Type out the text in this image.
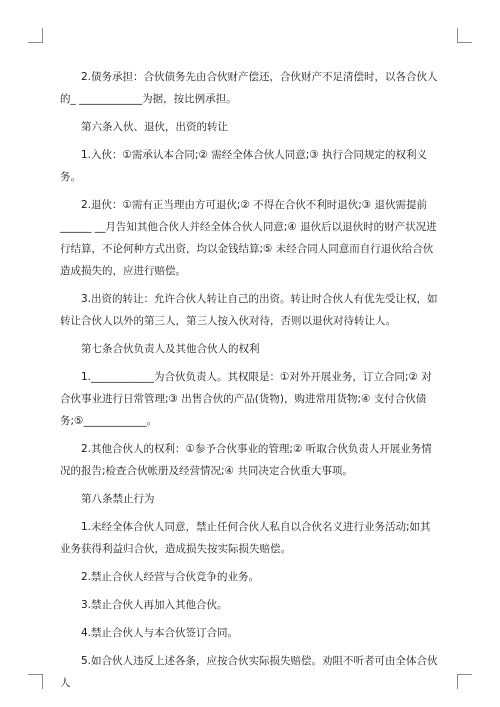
2.债务承担：合伙债务先由合伙财产偿还，合伙财产不足清偿时，以各合伙人的_ ____________为据，按比例承担。

第六条入伙、退伙，出资的转让

1.入伙：①需承认本合同;② 需经全体合伙人同意;③ 执行合同规定的权利义务。

2.退伙：①需有正当理由方可退伙;② 不得在合伙不利时退伙;③ 退伙需提前______ __月告知其他合伙人并经全体合伙人同意;④ 退伙后以退伙时的财产状况进行结算，不论何种方式出资，均以金钱结算;⑤ 未经合同人同意而自行退伙给合伙造成损失的，应进行赔偿。

3.出资的转让：允许合伙人转让自己的出资。转让时合伙人有优先受让权，如转让合伙人以外的第三人，第三人按入伙对待，否则以退伙对待转让人。

第七条合伙负责人及其他合伙人的权利

1.____________为合伙负责人。其权限是：①对外开展业务，订立合同;② 对合伙事业进行日常管理;③ 出售合伙的产品(货物)，购进常用货物;④ 支付合伙债务;⑤____________。

2.其他合伙人的权利：①参予合伙事业的管理;② 听取合伙负责人开展业务情况的报告;检查合伙帐册及经营情况;④ 共同决定合伙重大事项。

第八条禁止行为

1.未经全体合伙人同意，禁止任何合伙人私自以合伙名义进行业务活动;如其业务获得利益归合伙，造成损失按实际损失赔偿。

2.禁止合伙人经营与合伙竞争的业务。

3.禁止合伙人再加入其他合伙。

4.禁止合伙人与本合伙签订合同。

5.如合伙人违反上述各条，应按合伙实际损失赔偿。劝阻不听者可由全体合伙人
